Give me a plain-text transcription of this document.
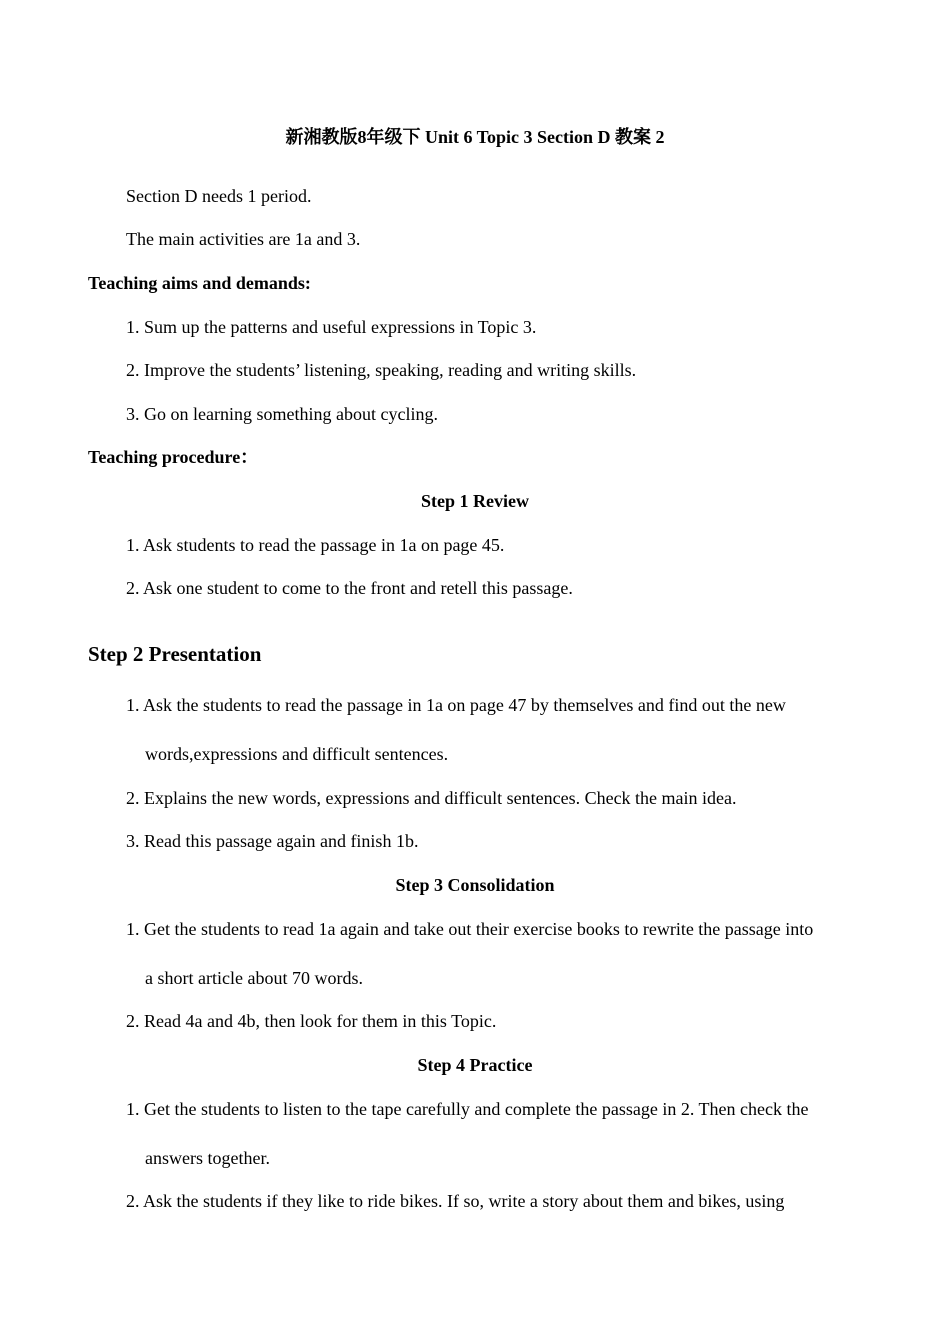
新湘教版8年级下 Unit 6 Topic 3 Section D 教案 2
Section D needs 1 period.
The main activities are 1a and 3.
Teaching aims and demands:
1. Sum up the patterns and useful expressions in Topic 3.
2. Improve the students’ listening, speaking, reading and writing skills.
3. Go on learning something about cycling.
Teaching procedure：
Step 1 Review
1. Ask students to read the passage in 1a on page 45.
2. Ask one student to come to the front and retell this passage.
Step 2 Presentation
1. Ask the students to read the passage in 1a on page 47 by themselves and find out the new
words,expressions and difficult sentences.
2. Explains the new words, expressions and difficult sentences. Check the main idea.
3. Read this passage again and finish 1b.
Step 3 Consolidation
1. Get the students to read 1a again and take out their exercise books to rewrite the passage into
a short article about 70 words.
2. Read 4a and 4b, then look for them in this Topic.
Step 4 Practice
1. Get the students to listen to the tape carefully and complete the passage in 2. Then check the
answers together.
2. Ask the students if they like to ride bikes. If so, write a story about them and bikes, using
